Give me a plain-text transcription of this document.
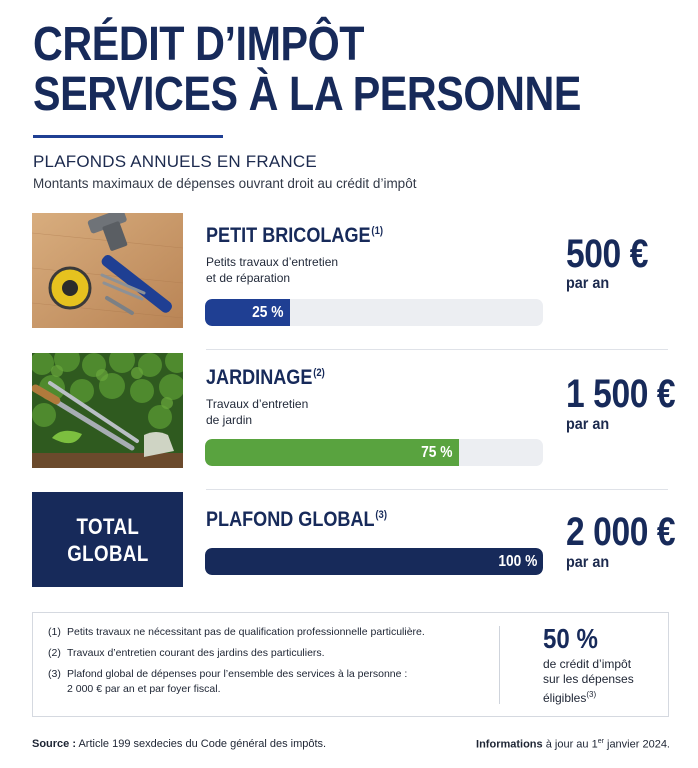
CRÉDIT D’IMPÔT
SERVICES À LA PERSONNE
PLAFONDS ANNUELS EN FRANCE
Montants maximaux de dépenses ouvrant droit au crédit d’impôt
PETIT BRICOLAGE$^{(1)}$
Petits travaux d’entretien
et de réparation
25 %
500 €
par an
JARDINAGE$^{(2)}$
Travaux d’entretien
de jardin
75 %
1 500 €
par an
TOTAL
GLOBAL
PLAFOND GLOBAL$^{(3)}$
100 %
2 000 €
par an
(1) Petits travaux ne nécessitant pas de qualification professionnelle particulière.
(2) Travaux d’entretien courant des jardins des particuliers.
(3) Plafond global de dépenses pour l’ensemble des services à la personne :
2 000 € par an et par foyer fiscal.
50 %
de crédit d’impôt
sur les dépenses
éligibles$^{(3)}$
Source : Article 199 sexdecies du Code général des impôts.	Informations à jour au 1er janvier 2024.
